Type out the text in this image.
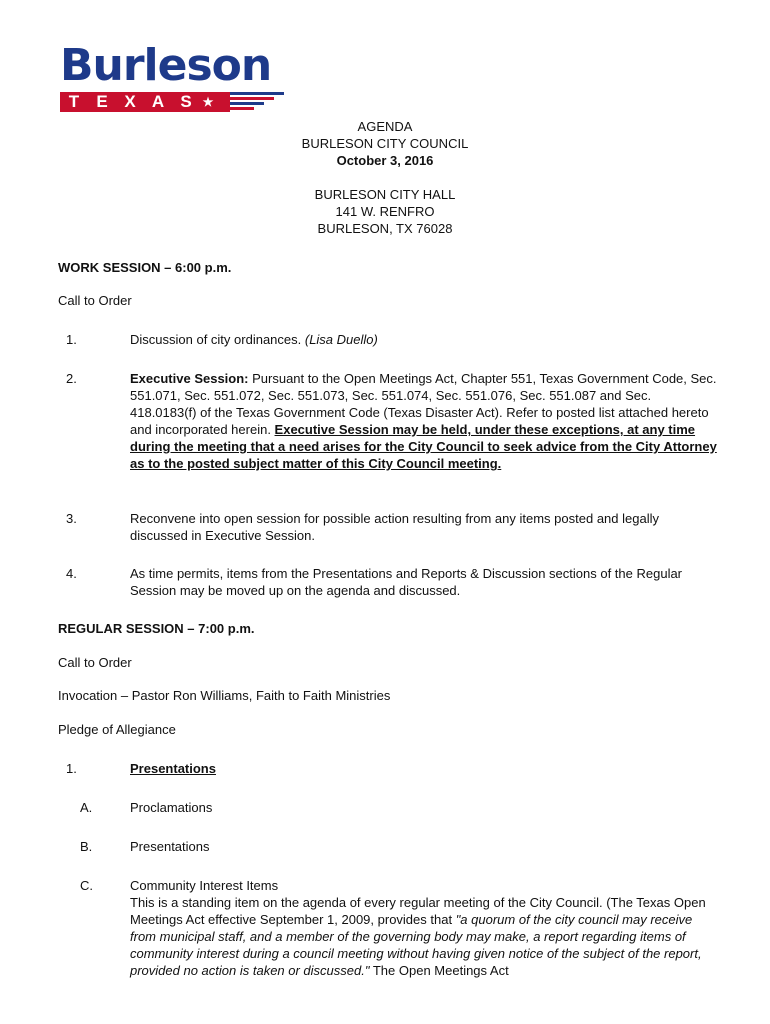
Burleson
T	E X A S ★
AGENDA
BURLESON CITY COUNCIL
October 3, 2016
BURLESON CITY HALL
141 W. RENFRO
BURLESON, TX 76028
WORK SESSION – 6:00 p.m.
Call to Order
1.	Discussion of city ordinances. (Lisa Duello)
2.	Executive Session: Pursuant to the Open Meetings Act, Chapter 551, Texas Government Code, Sec. 551.071, Sec. 551.072, Sec. 551.073, Sec. 551.074, Sec. 551.076, Sec. 551.087 and Sec. 418.0183(f) of the Texas Government Code (Texas Disaster Act). Refer to posted list attached hereto and incorporated herein. Executive Session may be held, under these exceptions, at any time during the meeting that a need arises for the City Council to seek advice from the City Attorney as to the posted subject matter of this City Council meeting.
3.	Reconvene into open session for possible action resulting from any items posted and legally discussed in Executive Session.
4.	As time permits, items from the Presentations and Reports & Discussion sections of the Regular Session may be moved up on the agenda and discussed.
REGULAR SESSION – 7:00 p.m.
Call to Order
Invocation – Pastor Ron Williams, Faith to Faith Ministries
Pledge of Allegiance
1.	Presentations
A.	Proclamations
B.	Presentations
C.	Community Interest Items
This is a standing item on the agenda of every regular meeting of the City Council. (The Texas Open Meetings Act effective September 1, 2009, provides that "a quorum of the city council may receive from municipal staff, and a member of the governing body may make, a report regarding items of community interest during a council meeting without having given notice of the subject of the report, provided no action is taken or discussed." The Open Meetings Act
